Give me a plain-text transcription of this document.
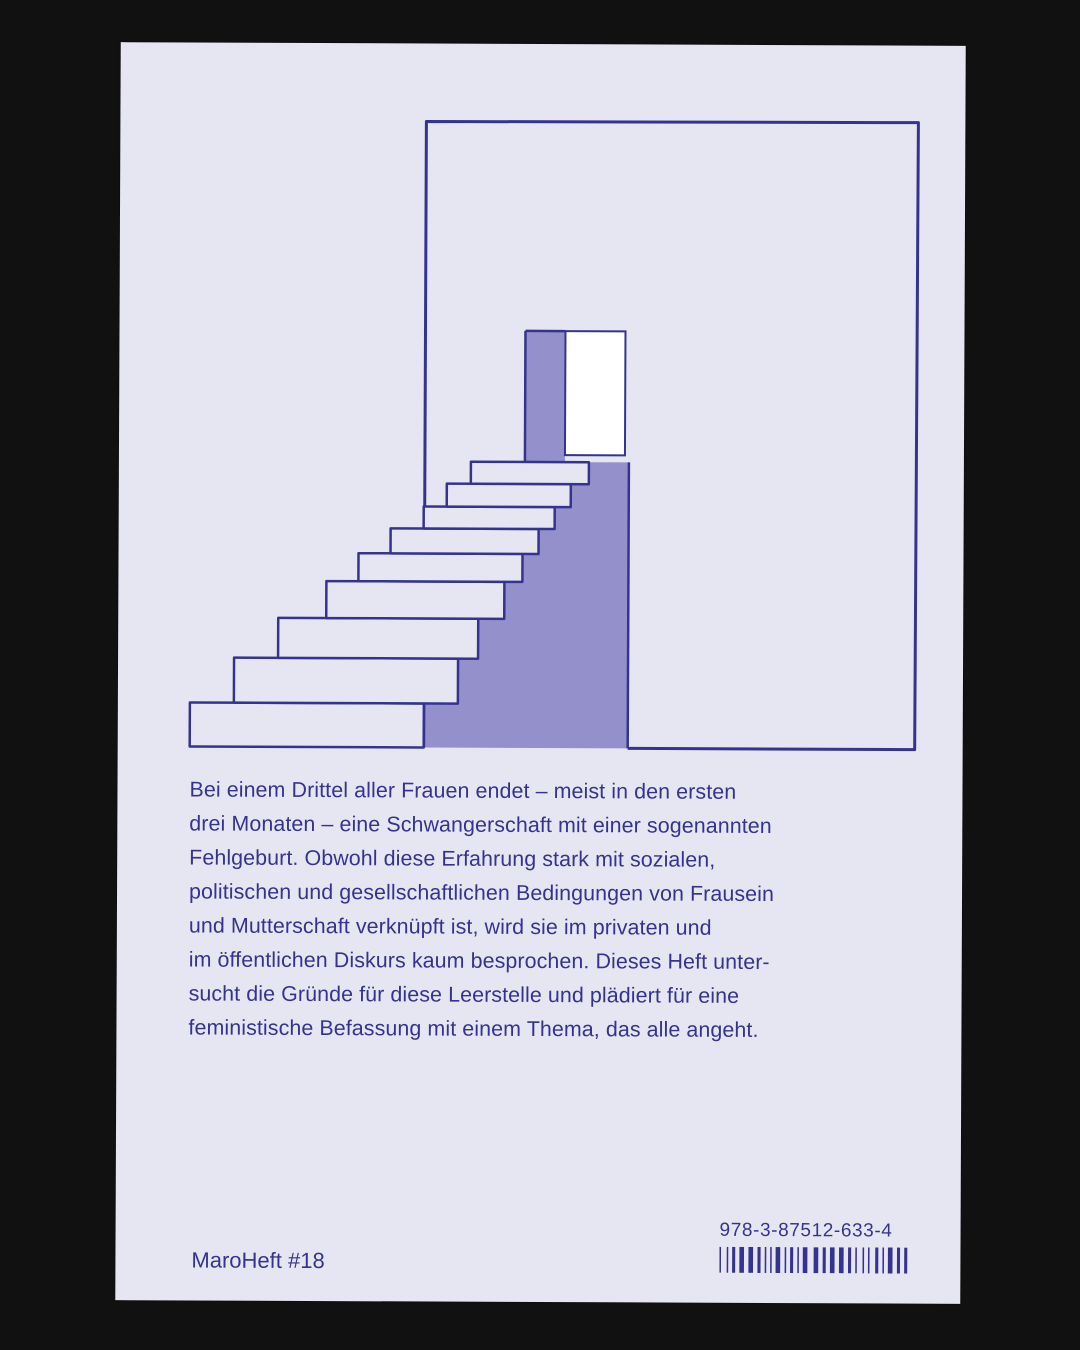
Bei einem Drittel aller Frauen endet – meist in den ersten
drei Monaten – eine Schwangerschaft mit einer sogenannten
Fehlgeburt. Obwohl diese Erfahrung stark mit sozialen,
politischen und gesellschaftlichen Bedingungen von Frausein
und Mutterschaft verknüpft ist, wird sie im privaten und
im öffentlichen Diskurs kaum besprochen. Dieses Heft unter-
sucht die Gründe für diese Leerstelle und plädiert für eine
feministische Befassung mit einem Thema, das alle angeht.
MaroHeft #18
978-3-87512-633-4
